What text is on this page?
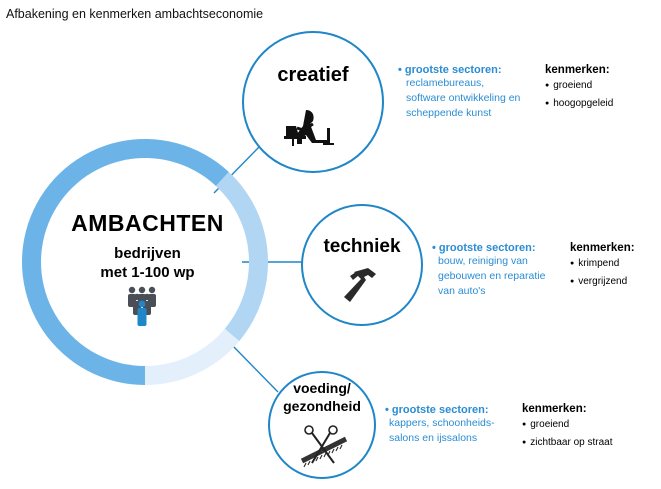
Afbakening en kenmerken ambachtseconomie
AMBACHTEN
bedrijven
met 1-100 wp
creatief
techniek
voeding/
gezondheid
• grootste sectoren:
reclamebureaus,
software ontwikkeling en
scheppende kunst
kenmerken:
● groeiend
● hoogopgeleid
• grootste sectoren:
bouw, reiniging van
gebouwen en reparatie
van auto's
kenmerken:
● krimpend
● vergrijzend
• grootste sectoren:
kappers, schoonheids-
salons en ijssalons
kenmerken:
● groeiend
● zichtbaar op straat
